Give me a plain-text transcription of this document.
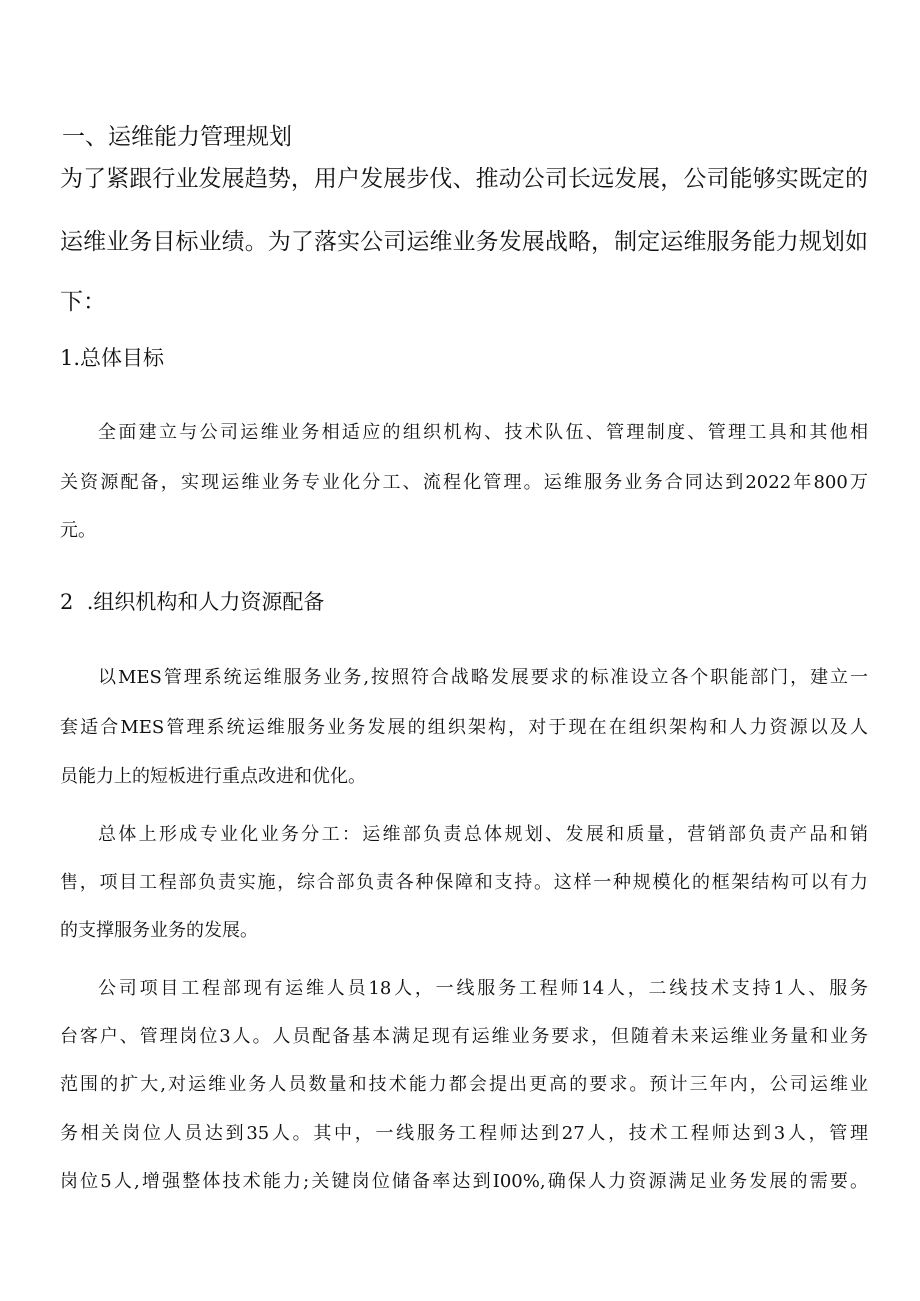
一、运维能力管理规划
为了紧跟行业发展趋势，用户发展步伐、推动公司长远发展，公司能够实既定的
运维业务目标业绩。为了落实公司运维业务发展战略，制定运维服务能力规划如
下：
1.总体目标
全面建立与公司运维业务相适应的组织机构、技术队伍、管理制度、管理工具和其他相
关资源配备，实现运维业务专业化分工、流程化管理。运维服务业务合同达到2022年800万
元。
2  .组织机构和人力资源配备
以MES管理系统运维服务业务,按照符合战略发展要求的标准设立各个职能部门，建立一
套适合MES管理系统运维服务业务发展的组织架构，对于现在在组织架构和人力资源以及人
员能力上的短板进行重点改进和优化。
总体上形成专业化业务分工：运维部负责总体规划、发展和质量，营销部负责产品和销
售，项目工程部负责实施，综合部负责各种保障和支持。这样一种规模化的框架结构可以有力
的支撑服务业务的发展。
公司项目工程部现有运维人员18人，一线服务工程师14人，二线技术支持1人、服务
台客户、管理岗位3人。人员配备基本满足现有运维业务要求，但随着未来运维业务量和业务
范围的扩大,对运维业务人员数量和技术能力都会提出更高的要求。预计三年内，公司运维业
务相关岗位人员达到35人。其中，一线服务工程师达到27人，技术工程师达到3人，管理
岗位5人,增强整体技术能力;关键岗位储备率达到I00%,确保人力资源满足业务发展的需要。
